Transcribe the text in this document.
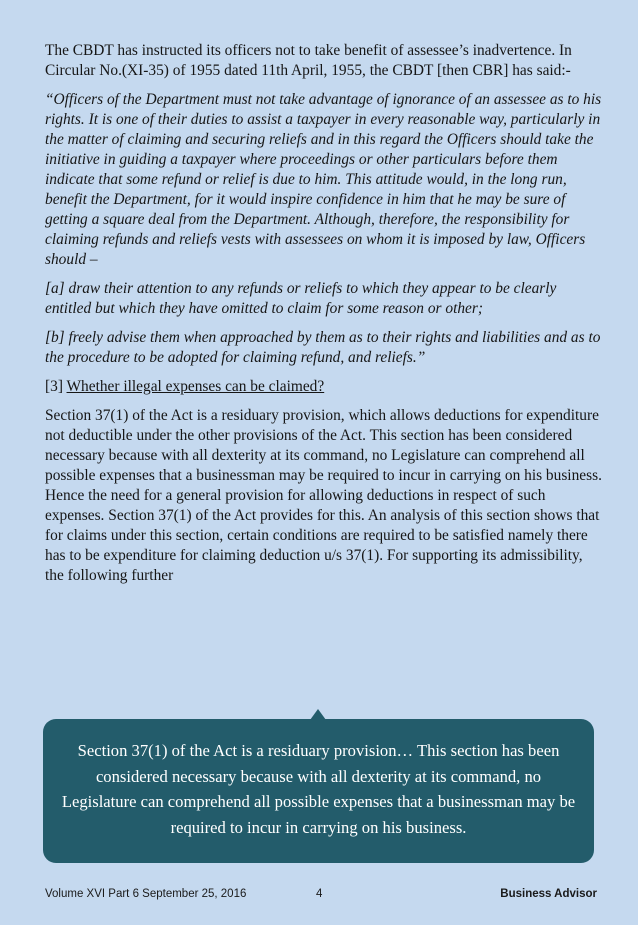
The CBDT has instructed its officers not to take benefit of assessee’s inadvertence. In Circular No.(XI-35) of 1955 dated 11th April, 1955, the CBDT [then CBR] has said:-

“Officers of the Department must not take advantage of ignorance of an assessee as to his rights. It is one of their duties to assist a taxpayer in every reasonable way, particularly in the matter of claiming and securing reliefs and in this regard the Officers should take the initiative in guiding a taxpayer where proceedings or other particulars before them indicate that some refund or relief is due to him. This attitude would, in the long run, benefit the Department, for it would inspire confidence in him that he may be sure of getting a square deal from the Department. Although, therefore, the responsibility for claiming refunds and reliefs vests with assessees on whom it is imposed by law, Officers should –

[a] draw their attention to any refunds or reliefs to which they appear to be clearly entitled but which they have omitted to claim for some reason or other;

[b] freely advise them when approached by them as to their rights and liabilities and as to the procedure to be adopted for claiming refund, and reliefs.”

[3] Whether illegal expenses can be claimed?

Section 37(1) of the Act is a residuary provision, which allows deductions for expenditure not deductible under the other provisions of the Act. This section has been considered necessary because with all dexterity at its command, no Legislature can comprehend all possible expenses that a businessman may be required to incur in carrying on his business. Hence the need for a general provision for allowing deductions in respect of such expenses. Section 37(1) of the Act provides for this. An analysis of this section shows that for claims under this section, certain conditions are required to be satisfied namely there has to be expenditure for claiming deduction u/s 37(1). For supporting its admissibility, the following further

Section 37(1) of the Act is a residuary provision… This section has been considered necessary because with all dexterity at its command, no Legislature can comprehend all possible expenses that a businessman may be required to incur in carrying on his business.
Volume XVI Part 6 September 25, 2016	4	Business Advisor
